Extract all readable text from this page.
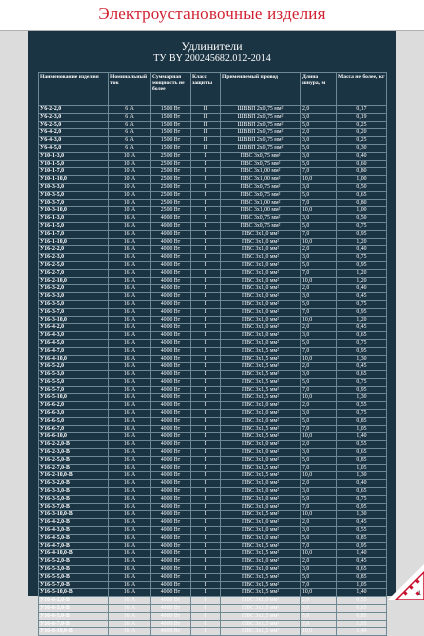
Электроустановочные изделия
Удлинители
ТУ BY 200245682.012-2014
Наименование изделия	Номинальный ток	Суммарная мощность не более	Класс защиты	Применяемый провод	Длина шнура, м	Масса не более, кг
У6-2-2,0	6 А	1500 Вт	II	ШВВП 2х0,75 мм²	2,0	0,17
У6-2-3,0	6 А	1500 Вт	II	ШВВП 2х0,75 мм²	3,0	0,19
У6-2-5,0	6 А	1500 Вт	II	ШВВП 2х0,75 мм²	5,0	0,25
У6-4-2,0	6 А	1500 Вт	II	ШВВП 2х0,75 мм²	2,0	0,20
У6-4-3,0	6 А	1500 Вт	II	ШВВП 2х0,75 мм²	3,0	0,25
У6-4-5,0	6 А	1500 Вт	II	ШВВП 2х0,75 мм²	5,0	0,30
У10-1-3,0	10 А	2500 Вт	I	ПВС 3х0,75 мм²	3,0	0,40
У10-1-5,0	10 А	2500 Вт	I	ПВС 3х0,75 мм²	5,0	0,60
У10-1-7,0	10 А	2500 Вт	I	ПВС 3х1,00 мм²	7,0	0,80
У10-1-10,0	10 А	2500 Вт	I	ПВС 3х1,00 мм²	10,0	1,00
У10-3-3,0	10 А	2500 Вт	I	ПВС 3х0,75 мм²	3,0	0,50
У10-3-5,0	10 А	2500 Вт	I	ПВС 3х0,75 мм²	5,0	0,65
У10-3-7,0	10 А	2500 Вт	I	ПВС 3х1,00 мм²	7,0	0,80
У10-3-10,0	10 А	2500 Вт	I	ПВС 3х1,00 мм²	10,0	1,00
У16-1-3,0	16 А	4000 Вт	I	ПВС 3х0,75 мм²	3,0	0,50
У16-1-5,0	16 А	4000 Вт	I	ПВС 3х0,75 мм²	5,0	0,75
У16-1-7,0	16 А	4000 Вт	I	ПВС 3х1,0 мм²	7,0	0,95
У16-1-10,0	16 А	4000 Вт	I	ПВС 3х1,0 мм²	10,0	1,20
У16-2-2,0	16 А	4000 Вт	I	ПВС 3х1,0 мм²	2,0	0,40
У16-2-3,0	16 А	4000 Вт	I	ПВС 3х1,0 мм²	3,0	0,75
У16-2-5,0	16 А	4000 Вт	I	ПВС 3х1,0 мм²	5,0	0,95
У16-2-7,0	16 А	4000 Вт	I	ПВС 3х1,0 мм²	7,0	1,20
У16-2-10,0	16 А	4000 Вт	I	ПВС 3х1,0 мм²	10,0	1,20
У16-3-2,0	16 А	4000 Вт	I	ПВС 3х1,0 мм²	2,0	0,40
У16-3-3,0	16 А	4000 Вт	I	ПВС 3х1,0 мм²	3,0	0,45
У16-3-5,0	16 А	4000 Вт	I	ПВС 3х1,0 мм²	5,0	0,75
У16-3-7,0	16 А	4000 Вт	I	ПВС 3х1,0 мм²	7,0	0,95
У16-3-10,0	16 А	4000 Вт	I	ПВС 3х1,0 мм²	10,0	1,20
У16-4-2,0	16 А	4000 Вт	I	ПВС 3х1,0 мм²	2,0	0,45
У16-4-3,0	16 А	4000 Вт	I	ПВС 3х1,0 мм²	3,0	0,65
У16-4-5,0	16 А	4000 Вт	I	ПВС 3х1,0 мм²	5,0	0,75
У16-4-7,0	16 А	4000 Вт	I	ПВС 3х1,5 мм²	7,0	0,95
У16-4-10,0	16 А	4000 Вт	I	ПВС 3х1,5 мм²	10,0	1,30
У16-5-2,0	16 А	4000 Вт	I	ПВС 3х1,5 мм²	2,0	0,45
У16-5-3,0	16 А	4000 Вт	I	ПВС 3х1,5 мм²	3,0	0,65
У16-5-5,0	16 А	4000 Вт	I	ПВС 3х1,5 мм²	5,0	0,75
У16-5-7,0	16 А	4000 Вт	I	ПВС 3х1,5 мм²	7,0	0,95
У16-5-10,0	16 А	4000 Вт	I	ПВС 3х1,5 мм²	10,0	1,30
У16-6-2,0	16 А	4000 Вт	I	ПВС 3х1,0 мм²	2,0	0,55
У16-6-3,0	16 А	4000 Вт	I	ПВС 3х1,0 мм²	3,0	0,75
У16-6-5,0	16 А	4000 Вт	I	ПВС 3х1,0 мм²	5,0	0,85
У16-6-7,0	16 А	4000 Вт	I	ПВС 3х1,5 мм²	7,0	1,05
У16-6-10,0	16 А	4000 Вт	I	ПВС 3х1,5 мм²	10,0	1,40
У16-2-2,0-В	16 А	4000 Вт	I	ПВС 3х1,0 мм²	2,0	0,55
У16-2-3,0-В	16 А	4000 Вт	I	ПВС 3х1,0 мм²	3,0	0,65
У16-2-5,0-В	16 А	4000 Вт	I	ПВС 3х1,0 мм²	5,0	0,85
У16-2-7,0-В	16 А	4000 Вт	I	ПВС 3х1,5 мм²	7,0	1,05
У16-2-10,0-В	16 А	4000 Вт	I	ПВС 3х1,5 мм²	10,0	1,30
У16-3-2,0-В	16 А	4000 Вт	I	ПВС 3х1,0 мм²	2,0	0,40
У16-3-3,0-В	16 А	4000 Вт	I	ПВС 3х1,0 мм²	3,0	0,65
У16-3-5,0-В	16 А	4000 Вт	I	ПВС 3х1,0 мм²	5,0	0,75
У16-3-7,0-В	16 А	4000 Вт	I	ПВС 3х1,0 мм²	7,0	0,95
У16-3-10,0-В	16 А	4000 Вт	I	ПВС 3х1,5 мм²	10,0	1,30
У16-4-2,0-В	16 А	4000 Вт	I	ПВС 3х1,0 мм²	2,0	0,45
У16-4-3,0-В	16 А	4000 Вт	I	ПВС 3х1,0 мм²	3,0	0,55
У16-4-5,0-В	16 А	4000 Вт	I	ПВС 3х1,0 мм²	5,0	0,85
У16-4-7,0-В	16 А	4000 Вт	I	ПВС 3х1,5 мм²	7,0	0,95
У16-4-10,0-В	16 А	4000 Вт	I	ПВС 3х1,5 мм²	10,0	1,40
У16-5-2,0-В	16 А	4000 Вт	I	ПВС 3х1,0 мм²	2,0	0,45
У16-5-3,0-В	16 А	4000 Вт	I	ПВС 3х1,0 мм²	3,0	0,65
У16-5-5,0-В	16 А	4000 Вт	I	ПВС 3х1,5 мм²	5,0	0,85
У16-5-7,0-В	16 А	4000 Вт	I	ПВС 3х1,5 мм²	7,0	1,05
У16-5-10,0-В	16 А	4000 Вт	I	ПВС 3х1,5 мм²	10,0	1,40
У16-6-2,0-В	16 А	4000 Вт	I	ПВС 3х1,0 мм²	2,0	0,55
У16-6-3,0-В	16 А	4000 Вт	I	ПВС 3х1,0 мм²	3,0	0,65
У16-6-5,0-В	16 А	4000 Вт	I	ПВС 3х1,5 мм²	5,0	0,85
У16-6-7,0-В	16 А	4000 Вт	I	ПВС 3х1,5 мм²	7,0	1,05
У16-6-10,0-В	16 А	4000 Вт	I	ПВС 3х1,5 мм²	10,0	1,40
1
